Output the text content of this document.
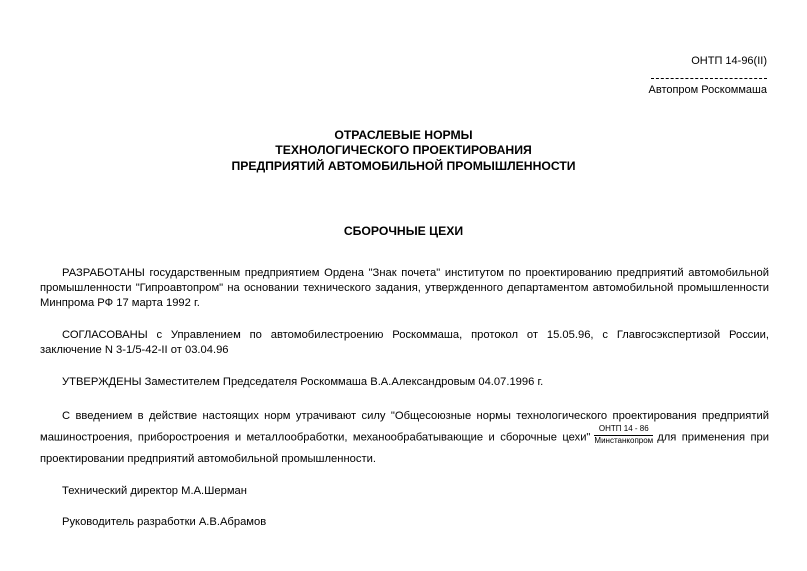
ОНТП 14-96(II)
Автопром Роскоммаша
ОТРАСЛЕВЫЕ НОРМЫ
ТЕХНОЛОГИЧЕСКОГО ПРОЕКТИРОВАНИЯ
ПРЕДПРИЯТИЙ АВТОМОБИЛЬНОЙ ПРОМЫШЛЕННОСТИ
СБОРОЧНЫЕ ЦЕХИ

РАЗРАБОТАНЫ государственным предприятием Ордена "Знак почета" институтом по проектированию предприятий автомобильной промышленности "Гипроавтопром" на основании технического задания, утвержденного департаментом автомобильной промышленности Минпрома РФ 17 марта 1992 г.

СОГЛАСОВАНЫ с Управлением по автомобилестроению Роскоммаша, протокол от 15.05.96, с Главгосэкспертизой России, заключение N 3-1/5-42-II от 03.04.96

УТВЕРЖДЕНЫ Заместителем Председателя Роскоммаша В.А.Александровым 04.07.1996 г.

С введением в действие настоящих норм утрачивают силу "Общесоюзные нормы технологического проектирования предприятий машиностроения, приборостроения и металлообработки, механообрабатывающие и сборочные цехи" $\frac{\text{ОНТП 14 - 86}}{\text{Минстанкопром}}$ для применения при проектировании предприятий автомобильной промышленности.

Технический директор М.А.Шерман

Руководитель разработки А.В.Абрамов
